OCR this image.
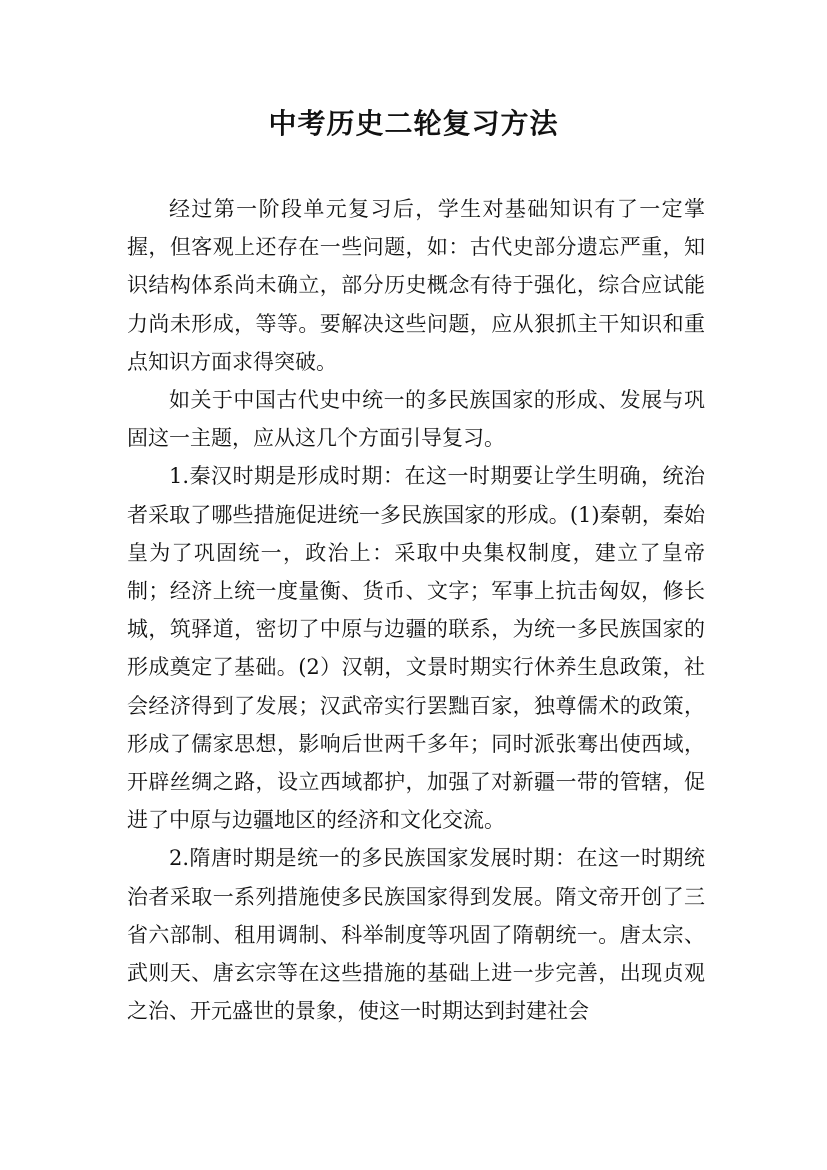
中考历史二轮复习方法

经过第一阶段单元复习后，学生对基础知识有了一定掌握，但客观上还存在一些问题，如：古代史部分遗忘严重，知识结构体系尚未确立，部分历史概念有待于强化，综合应试能力尚未形成，等等。要解决这些问题，应从狠抓主干知识和重点知识方面求得突破。

如关于中国古代史中统一的多民族国家的形成、发展与巩固这一主题，应从这几个方面引导复习。

1.秦汉时期是形成时期：在这一时期要让学生明确，统治者采取了哪些措施促进统一多民族国家的形成。(1)秦朝，秦始皇为了巩固统一，政治上：采取中央集权制度，建立了皇帝制；经济上统一度量衡、货币、文字；军事上抗击匈奴，修长城，筑驿道，密切了中原与边疆的联系，为统一多民族国家的形成奠定了基础。(2）汉朝，文景时期实行休养生息政策，社会经济得到了发展；汉武帝实行罢黜百家，独尊儒术的政策，形成了儒家思想，影响后世两千多年；同时派张骞出使西域，开辟丝绸之路，设立西域都护，加强了对新疆一带的管辖，促进了中原与边疆地区的经济和文化交流。

2.隋唐时期是统一的多民族国家发展时期：在这一时期统治者采取一系列措施使多民族国家得到发展。隋文帝开创了三省六部制、租用调制、科举制度等巩固了隋朝统一。唐太宗、武则天、唐玄宗等在这些措施的基础上进一步完善，出现贞观之治、开元盛世的景象，使这一时期达到封建社会
